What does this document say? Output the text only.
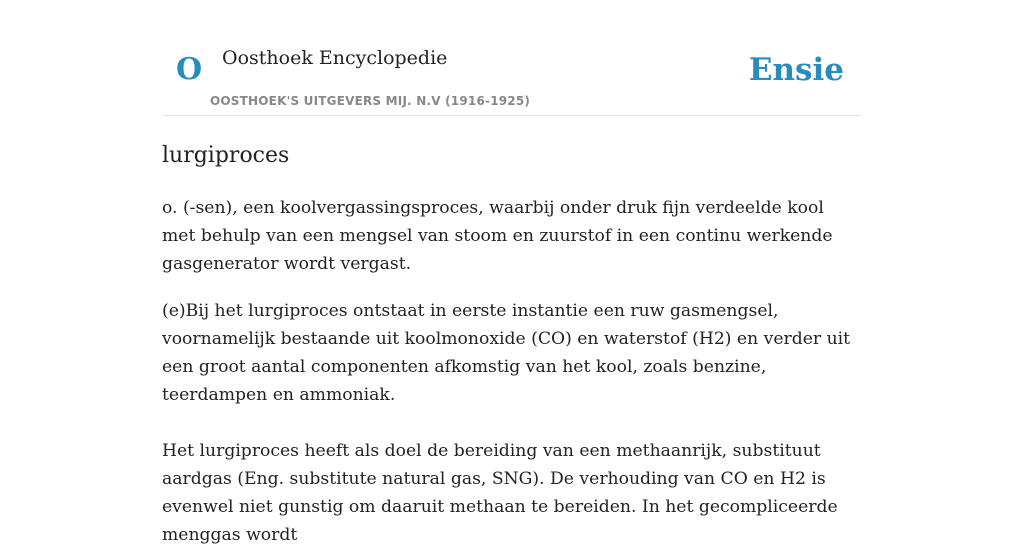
O Oosthoek Encyclopedie
OOSTHOEK'S UITGEVERS MIJ. N.V (1916-1925)
Ensie
lurgiproces

o. (-sen), een koolvergassingsproces, waarbij onder druk fijn verdeelde kool met behulp van een mengsel van stoom en zuurstof in een continu werkende gasgenerator wordt vergast.

(e)Bij het lurgiproces ontstaat in eerste instantie een ruw gasmengsel, voornamelijk bestaande uit koolmonoxide (CO) en waterstof (H2) en verder uit een groot aantal componenten afkomstig van het kool, zoals benzine, teerdampen en ammoniak.

Het lurgiproces heeft als doel de bereiding van een methaanrijk, substituut aardgas (Eng. substitute natural gas, SNG). De verhouding van CO en H2 is evenwel niet gunstig om daaruit methaan te bereiden. In het gecompliceerde menggas wordt
